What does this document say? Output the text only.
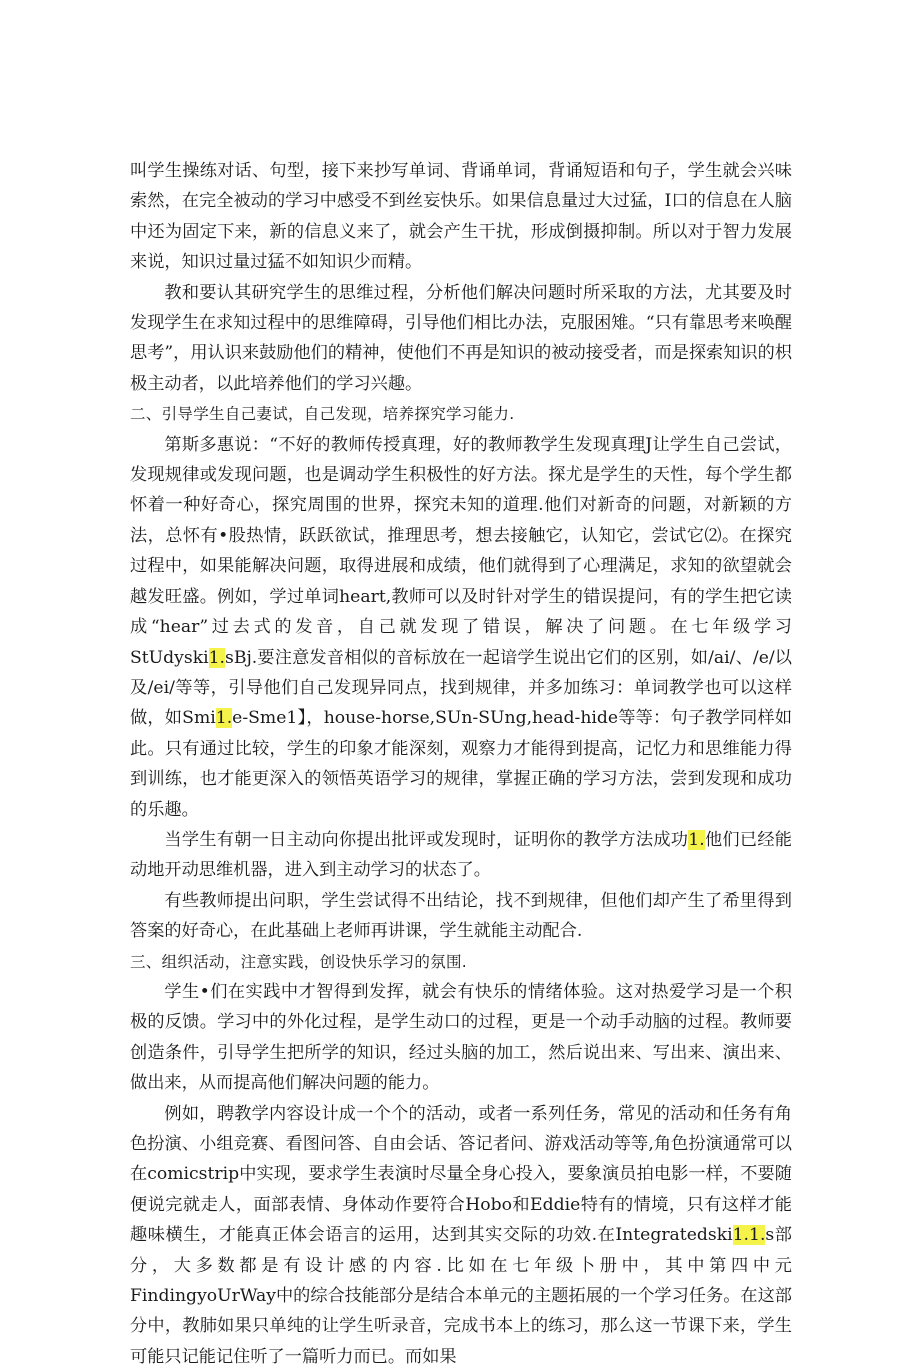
叫学生操练对话、句型，接下来抄写单词、背诵单词，背诵短语和句子，学生就会兴味索然，在完全被动的学习中感受不到丝妄快乐。如果信息量过大过猛，I口的信息在人脑中还为固定下来，新的信息义来了，就会产生干扰，形成倒摄抑制。所以对于智力发展来说，知识过量过猛不如知识少而精。

教和要认其研究学生的思维过程，分析他们解决问题时所采取的方法，尤其要及时发现学生在求知过程中的思维障碍，引导他们相比办法，克服困雉。“只有靠思考来唤醒思考”，用认识来鼓励他们的精神，使他们不再是知识的被动接受者，而是探索知识的枳极主动者，以此培养他们的学习兴趣。

二、引导学生自己妻试，自己发现，培养探究学习能力.

第斯多惠说：“不好的教师传授真理，好的教师教学生发现真理J让学生自己尝试，发现规律或发现问题，也是调动学生积极性的好方法。探尤是学生的天性，每个学生都怀着一种好奇心，探究周围的世界，探究未知的道理.他们对新奇的问题，对新颖的方法，总怀有•股热情，跃跃欲试，推理思考，想去接触它，认知它，尝试它⑵。在探究过程中，如果能解决问题，取得进展和成绩，他们就得到了心理满足，求知的欲望就会越发旺盛。例如，学过单词heart,教师可以及时针对学生的错误提问，有的学生把它读成“hear”过去式的发音，自己就发现了错误，解决了问题。在七年级学习StUdyski1.sBj.要注意发音相似的音标放在一起谙学生说出它们的区别，如/ai/、/e/以及/ei/等等，引导他们自己发现异同点，找到规律，并多加练习：单词教学也可以这样做，如Smi1.e-Sme1】，house-horse,SUn-SUng,head-hide等等：句子教学同样如此。只有通过比较，学生的印象才能深刻，观察力才能得到提高，记忆力和思维能力得到训练，也才能更深入的领悟英语学习的规律，掌握正确的学习方法，尝到发现和成功的乐趣。

当学生有朝一日主动向你提出批评或发现时，证明你的教学方法成功1.他们已经能动地开动思维机器，进入到主动学习的状态了。

有些教师提出问职，学生尝试得不出结论，找不到规律，但他们却产生了希里得到答案的好奇心，在此基础上老师再讲课，学生就能主动配合.

三、组织活动，注意实践，创设快乐学习的氛围.

学生•们在实践中才智得到发挥，就会有快乐的情绪体验。这对热爱学习是一个积极的反馈。学习中的外化过程，是学生动口的过程，更是一个动手动脑的过程。教师要创造条件，引导学生把所学的知识，经过头脑的加工，然后说出来、写出来、演出来、做出来，从而提高他们解决问题的能力。

例如，聘教学内容设计成一个个的活动，或者一系列任务，常见的活动和任务有角色扮演、小组竞赛、看图问答、自由会话、答记者问、游戏活动等等,角色扮演通常可以在comicstrip中实现，要求学生表演时尽量全身心投入，要象演员拍电影一样，不要随便说完就走人，面部表情、身体动作要符合Hobo和Eddie特有的情境，只有这样才能趣味横生，才能真正体会语言的运用，达到其实交际的功效.在Integratedski1.1.s部分，大多数都是有设计感的内容.比如在七年级卜册中，其中第四中元FindingyoUrWay中的综合技能部分是结合本单元的主题拓展的一个学习任务。在这部分中，教肺如果只单纯的让学生听录音，完成书本上的练习，那么这一节课下来，学生可能只记能记住听了一篇听力而已。而如果
